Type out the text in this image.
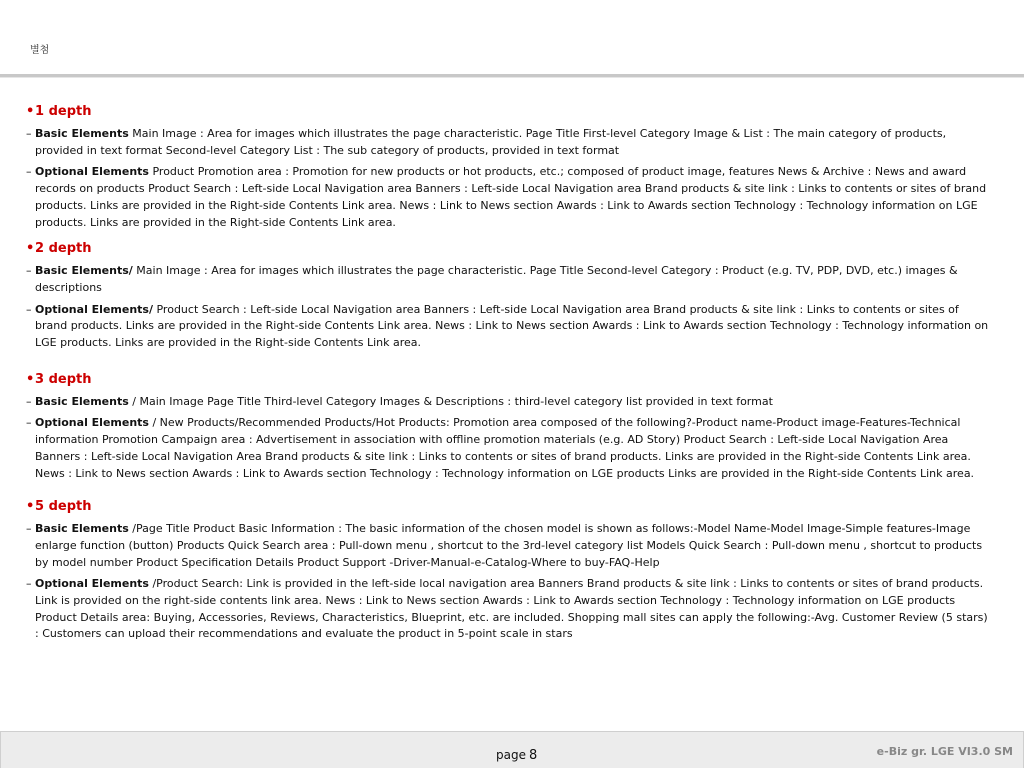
별첨
• 1 depth
– Basic Elements Main Image : Area for images which illustrates the page characteristic. Page Title First-level Category Image & List : The main category of products, provided in text format Second-level Category List : The sub category of products, provided in text format
– Optional Elements Product Promotion area : Promotion for new products or hot products, etc.; composed of product image, features News & Archive : News and award records on products Product Search : Left-side Local Navigation area Banners : Left-side Local Navigation area Brand products & site link : Links to contents or sites of brand products. Links are provided in the Right-side Contents Link area. News : Link to News section Awards : Link to Awards section Technology : Technology information on LGE products. Links are provided in the Right-side Contents Link area.
• 2 depth
– Basic Elements/ Main Image : Area for images which illustrates the page characteristic. Page Title Second-level Category : Product (e.g. TV, PDP, DVD, etc.) images & descriptions
– Optional Elements/ Product Search : Left-side Local Navigation area Banners : Left-side Local Navigation area Brand products & site link : Links to contents or sites of brand products. Links are provided in the Right-side Contents Link area. News : Link to News section Awards : Link to Awards section Technology : Technology information on LGE products. Links are provided in the Right-side Contents Link area.
• 3 depth
– Basic Elements / Main Image Page Title Third-level Category Images & Descriptions : third-level category list provided in text format
– Optional Elements / New Products/Recommended Products/Hot Products: Promotion area composed of the following?-Product name-Product image-Features-Technical information Promotion Campaign area : Advertisement in association with offline promotion materials (e.g. AD Story) Product Search : Left-side Local Navigation Area Banners : Left-side Local Navigation Area Brand products & site link : Links to contents or sites of brand products. Links are provided in the Right-side Contents Link area. News : Link to News section Awards : Link to Awards section Technology : Technology information on LGE products Links are provided in the Right-side Contents Link area.
• 5 depth
– Basic Elements /Page Title Product Basic Information : The basic information of the chosen model is shown as follows:-Model Name-Model Image-Simple features-Image enlarge function (button) Products Quick Search area : Pull-down menu , shortcut to the 3rd-level category list Models Quick Search : Pull-down menu , shortcut to products by model number Product Specification Details Product Support -Driver-Manual-e-Catalog-Where to buy-FAQ-Help
– Optional Elements /Product Search: Link is provided in the left-side local navigation area Banners Brand products & site link : Links to contents or sites of brand products. Link is provided on the right-side contents link area. News : Link to News section Awards : Link to Awards section Technology : Technology information on LGE products Product Details area: Buying, Accessories, Reviews, Characteristics, Blueprint, etc. are included. Shopping mall sites can apply the following:-Avg. Customer Review (5 stars) : Customers can upload their recommendations and evaluate the product in 5-point scale in stars
page 8	e-Biz gr. LGE VI3.0 SM
